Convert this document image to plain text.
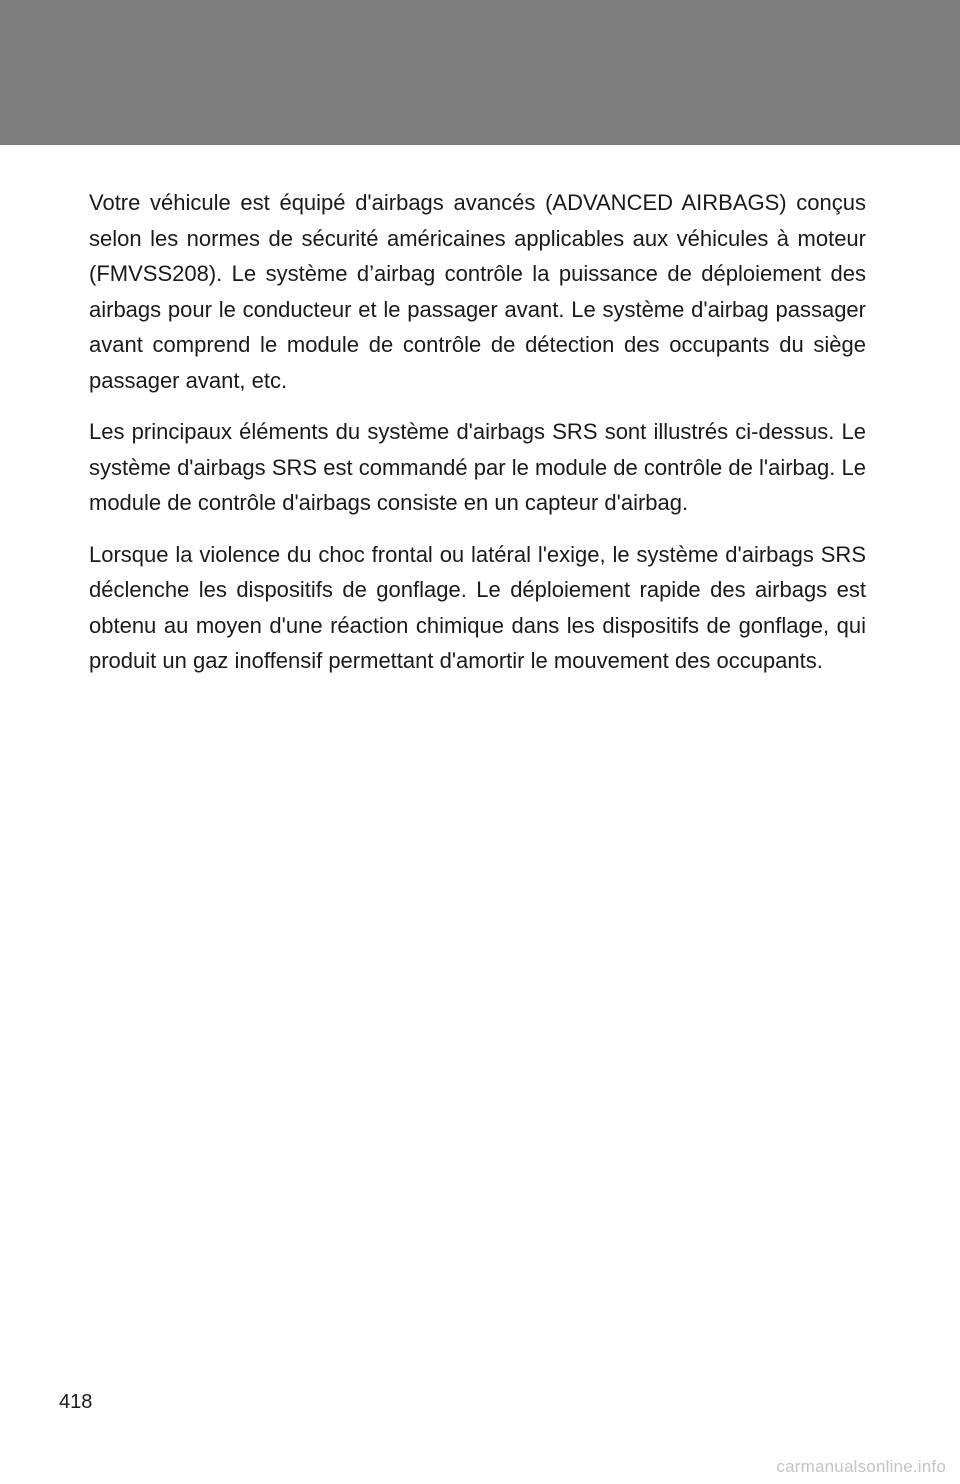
Votre véhicule est équipé d'airbags avancés (ADVANCED AIRBAGS) conçus selon les normes de sécurité américaines applicables aux véhicules à moteur (FMVSS208). Le système d’airbag contrôle la puissance de déploiement des airbags pour le conducteur et le passager avant. Le système d'airbag passager avant comprend le module de contrôle de détection des occupants du siège passager avant, etc.

Les principaux éléments du système d'airbags SRS sont illustrés ci-dessus. Le système d'airbags SRS est commandé par le module de contrôle de l'airbag. Le module de contrôle d'airbags consiste en un capteur d'airbag.

Lorsque la violence du choc frontal ou latéral l'exige, le système d'airbags SRS déclenche les dispositifs de gonflage. Le déploiement rapide des airbags est obtenu au moyen d'une réaction chimique dans les dispositifs de gonflage, qui produit un gaz inoffensif permettant d'amortir le mouvement des occupants.

418
carmanualsonline.info
